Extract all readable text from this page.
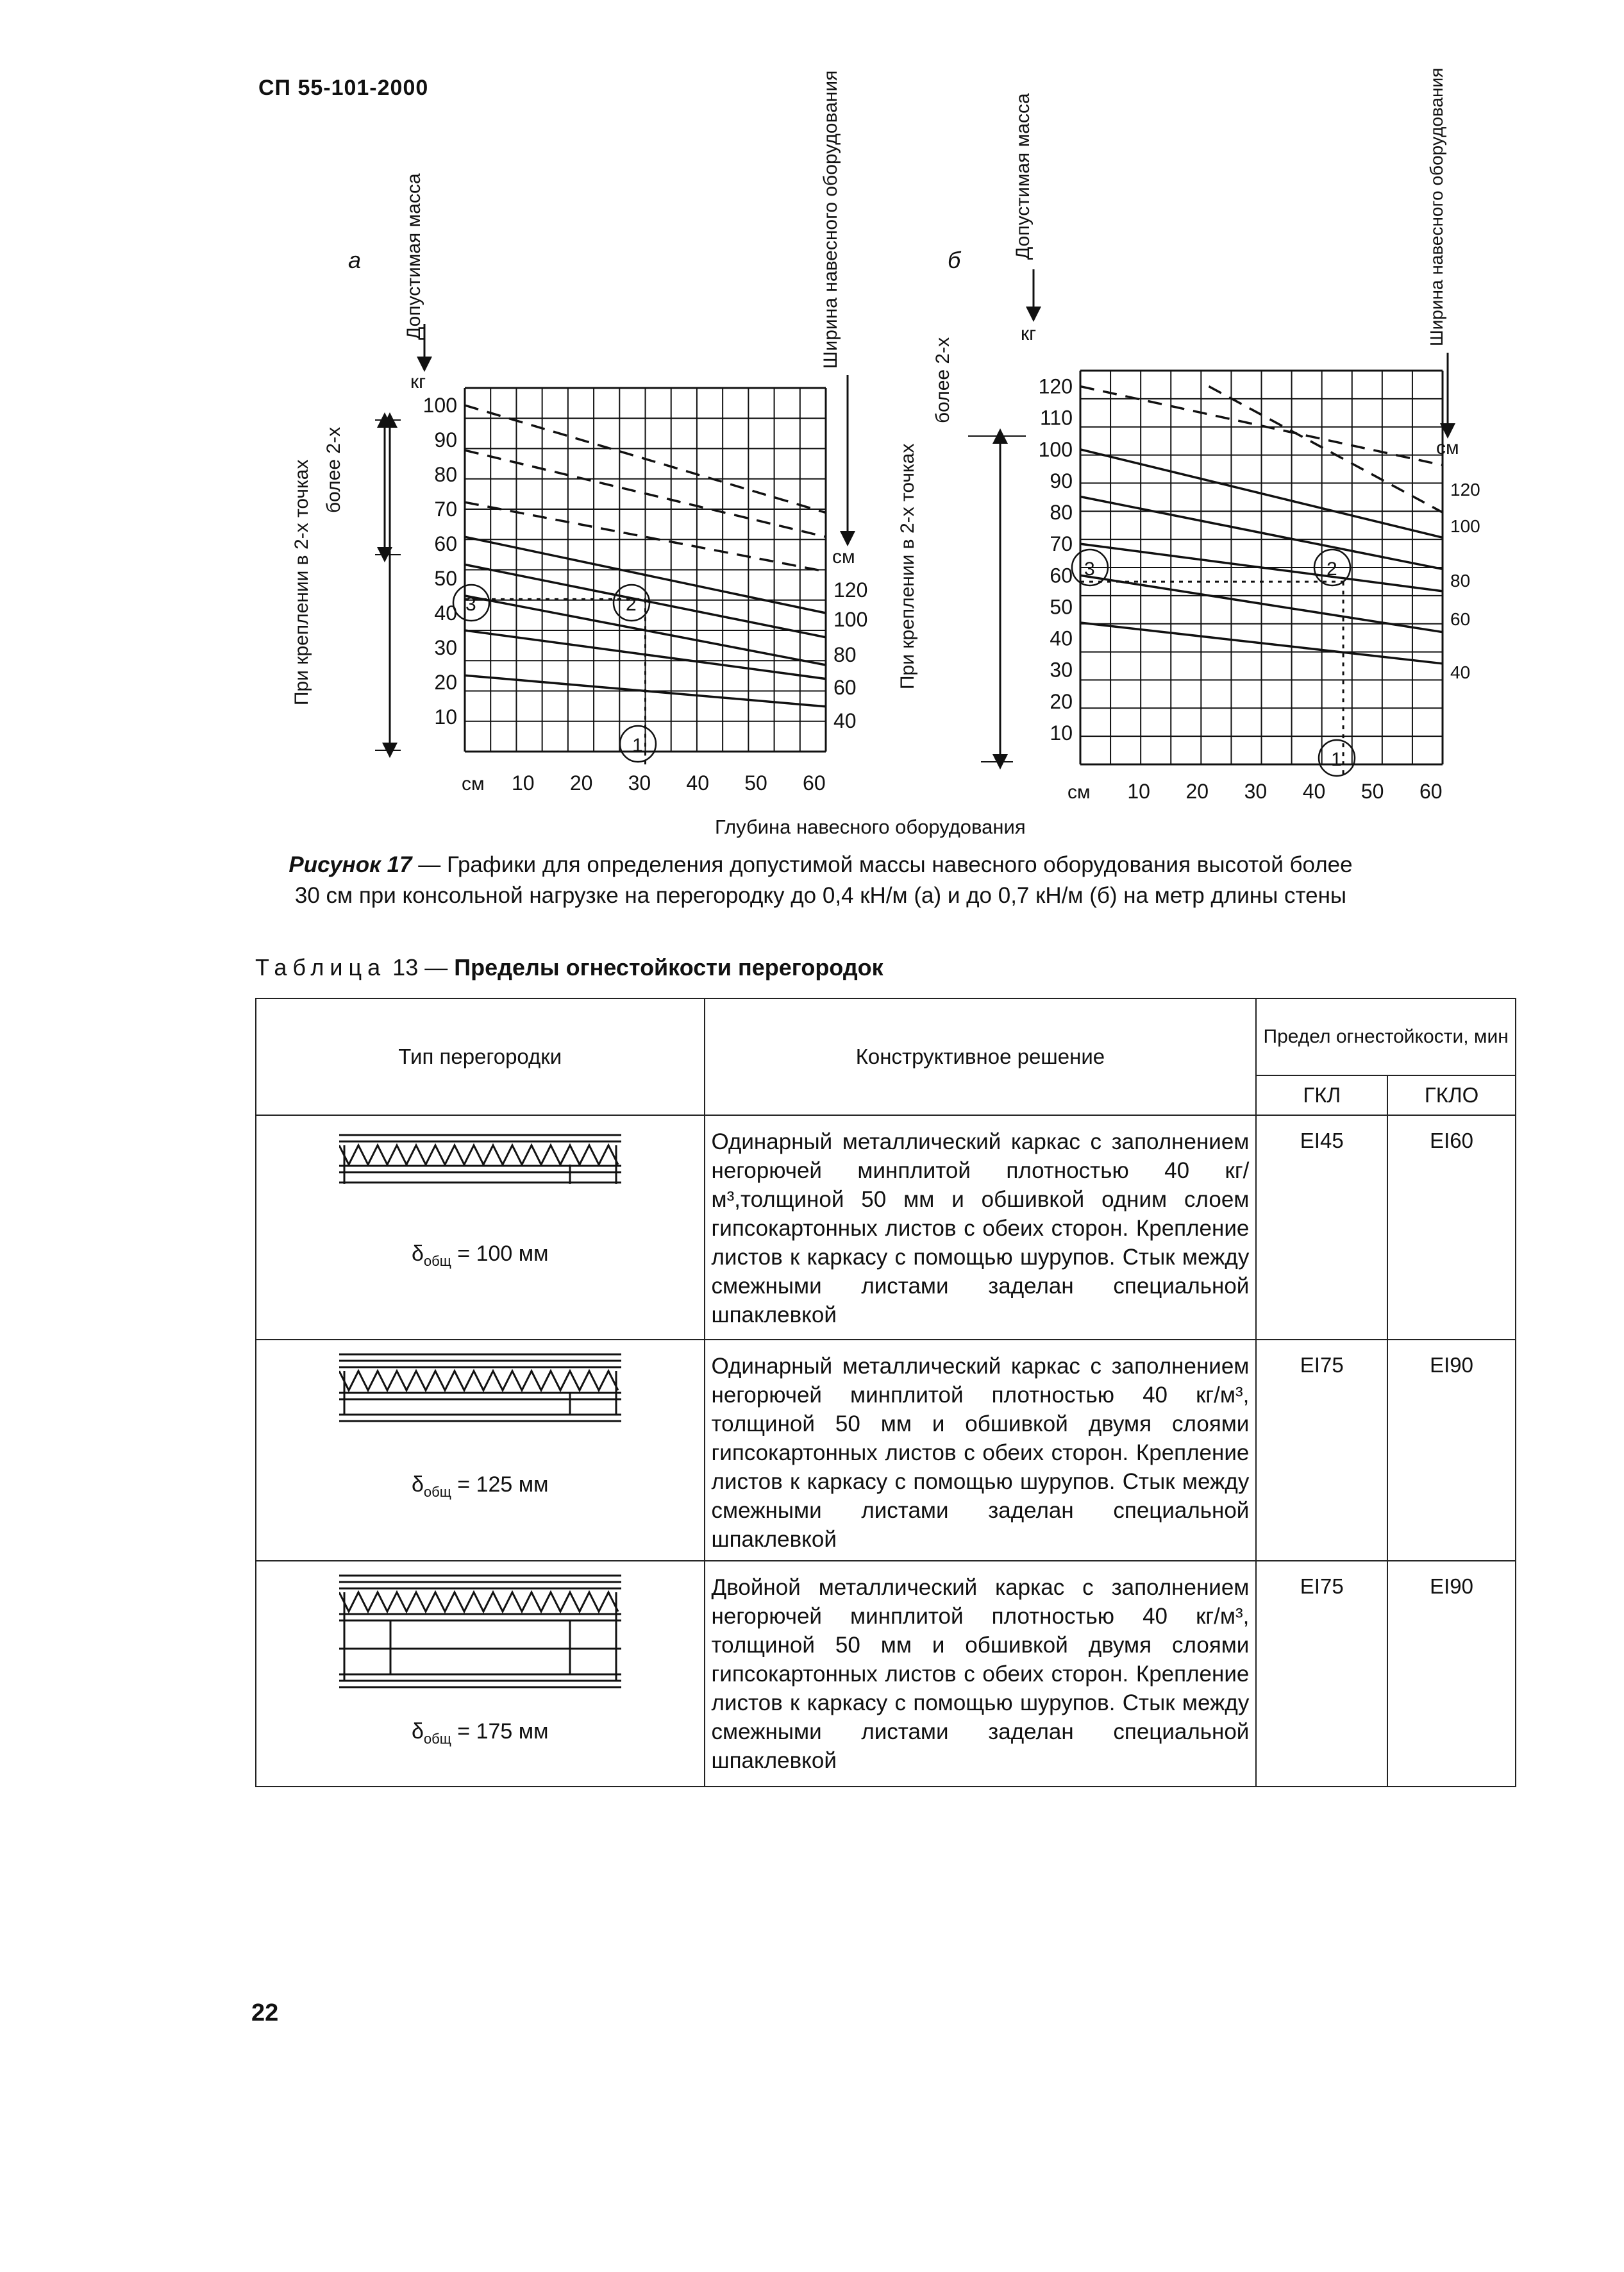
СП 55-101-2000
10
20
30
40
50
60
70
80
90
100
10 20 30 40 50 60
120
100
80
60
40
а
кг
см
см
Допустимая масса	Ширина навесного оборудования
более 2-х
При креплении в 2-х точках
1
2
3
10
20
30
40
50
60
70
80
90
100
110
120
10 20 30 40 50 60
120
100
80
60
40
б
кг
см
см
Допустимая масса	Ширина навесного оборудования
более 2-х
При креплении в 2-х точках
1
2
3
Глубина навесного оборудования
Рисунок 17 — Графики для определения допустимой массы навесного оборудования высотой более 30 см при консольной нагрузке на перегородку до 0,4 кН/м (а) и до 0,7 кН/м (б) на метр длины стены
Таблица 13 — Пределы огнестойкости перегородок
Тип перегородки	Конструктивное решение	Предел огнестойкости, мин	
		ГКЛ	ГКЛО

$\delta_{общ} = 100$ мм	Одинарный металлический каркас с заполнением негорючей минплитой плотностью 40 кг/м³,толщиной 50 мм и обшивкой одним слоем гипсокартонных листов с обеих сторон. Крепление листов к каркасу с помощью шурупов. Стык между смежными листами заделан специальной шпаклевкой	EI45	EI60

$\delta_{общ} = 125$ мм	Одинарный металлический каркас с заполнением негорючей минплитой плотностью 40 кг/м³, толщиной 50 мм и обшивкой двумя слоями гипсокартонных листов с обеих сторон. Крепление листов к каркасу с помощью шурупов. Стык между смежными листами заделан специальной шпаклевкой	EI75	EI90

$\delta_{общ} = 175$ мм	Двойной металлический каркас с заполнением негорючей минплитой плотностью 40 кг/м³, толщиной 50 мм и обшивкой двумя слоями гипсокартонных листов с обеих сторон. Крепление листов к каркасу с помощью шурупов. Стык между смежными листами заделан специальной шпаклевкой	EI75	EI90
22
